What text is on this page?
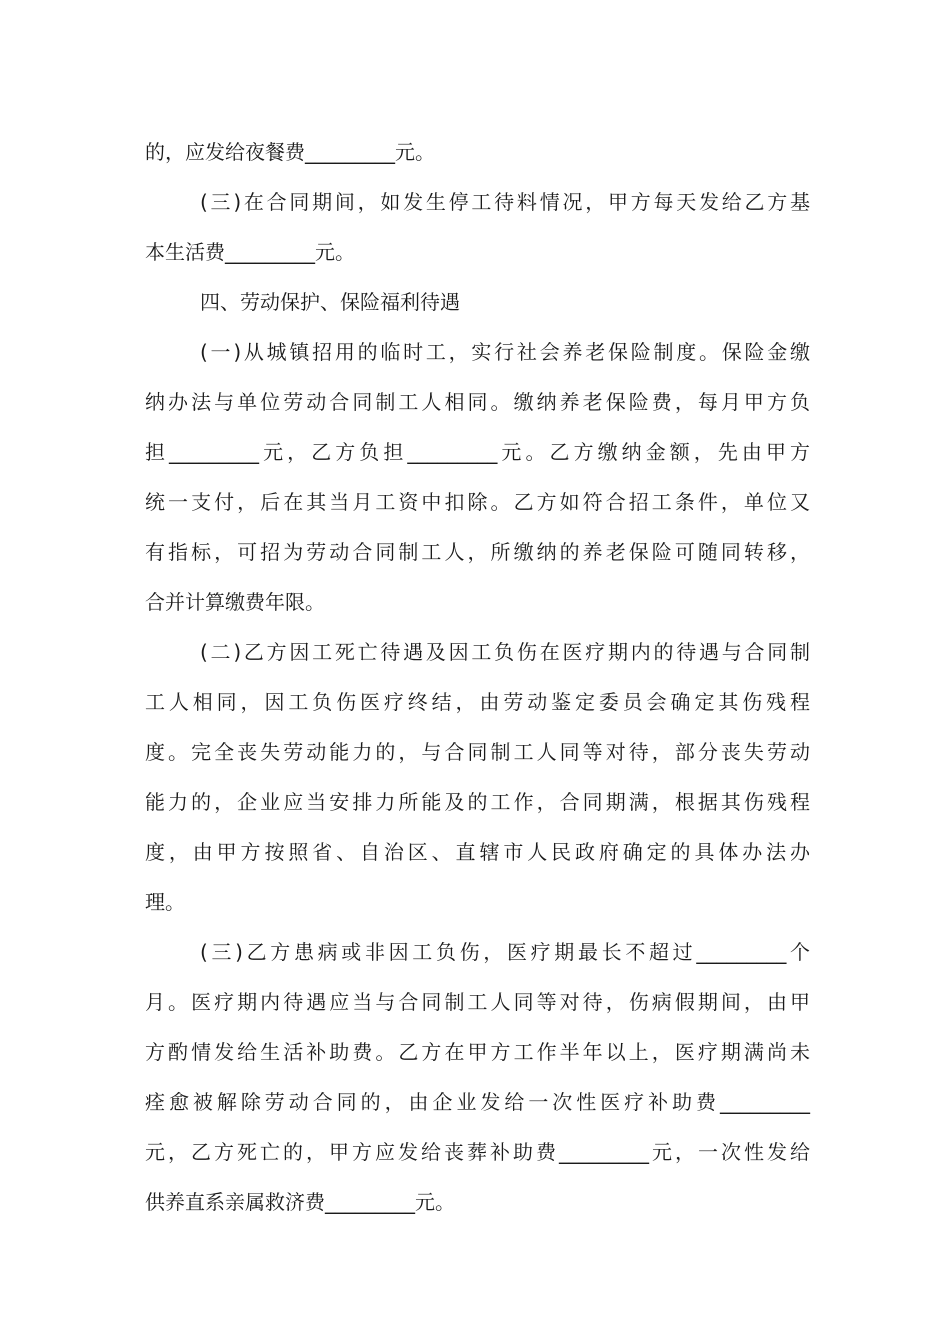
的，应发给夜餐费_________元。
(三)在合同期间，如发生停工待料情况，甲方每天发给乙方基
本生活费_________元。
四、劳动保护、保险福利待遇
(一)从城镇招用的临时工，实行社会养老保险制度。保险金缴
纳办法与单位劳动合同制工人相同。缴纳养老保险费，每月甲方负
担_________元，乙方负担_________元。乙方缴纳金额，先由甲方
统一支付，后在其当月工资中扣除。乙方如符合招工条件，单位又
有指标，可招为劳动合同制工人，所缴纳的养老保险可随同转移，
合并计算缴费年限。
(二)乙方因工死亡待遇及因工负伤在医疗期内的待遇与合同制
工人相同，因工负伤医疗终结，由劳动鉴定委员会确定其伤残程
度。完全丧失劳动能力的，与合同制工人同等对待，部分丧失劳动
能力的，企业应当安排力所能及的工作，合同期满，根据其伤残程
度，由甲方按照省、自治区、直辖市人民政府确定的具体办法办
理。
(三)乙方患病或非因工负伤，医疗期最长不超过_________个
月。医疗期内待遇应当与合同制工人同等对待，伤病假期间，由甲
方酌情发给生活补助费。乙方在甲方工作半年以上，医疗期满尚未
痊愈被解除劳动合同的，由企业发给一次性医疗补助费_________
元，乙方死亡的，甲方应发给丧葬补助费_________元，一次性发给
供养直系亲属救济费_________元。
